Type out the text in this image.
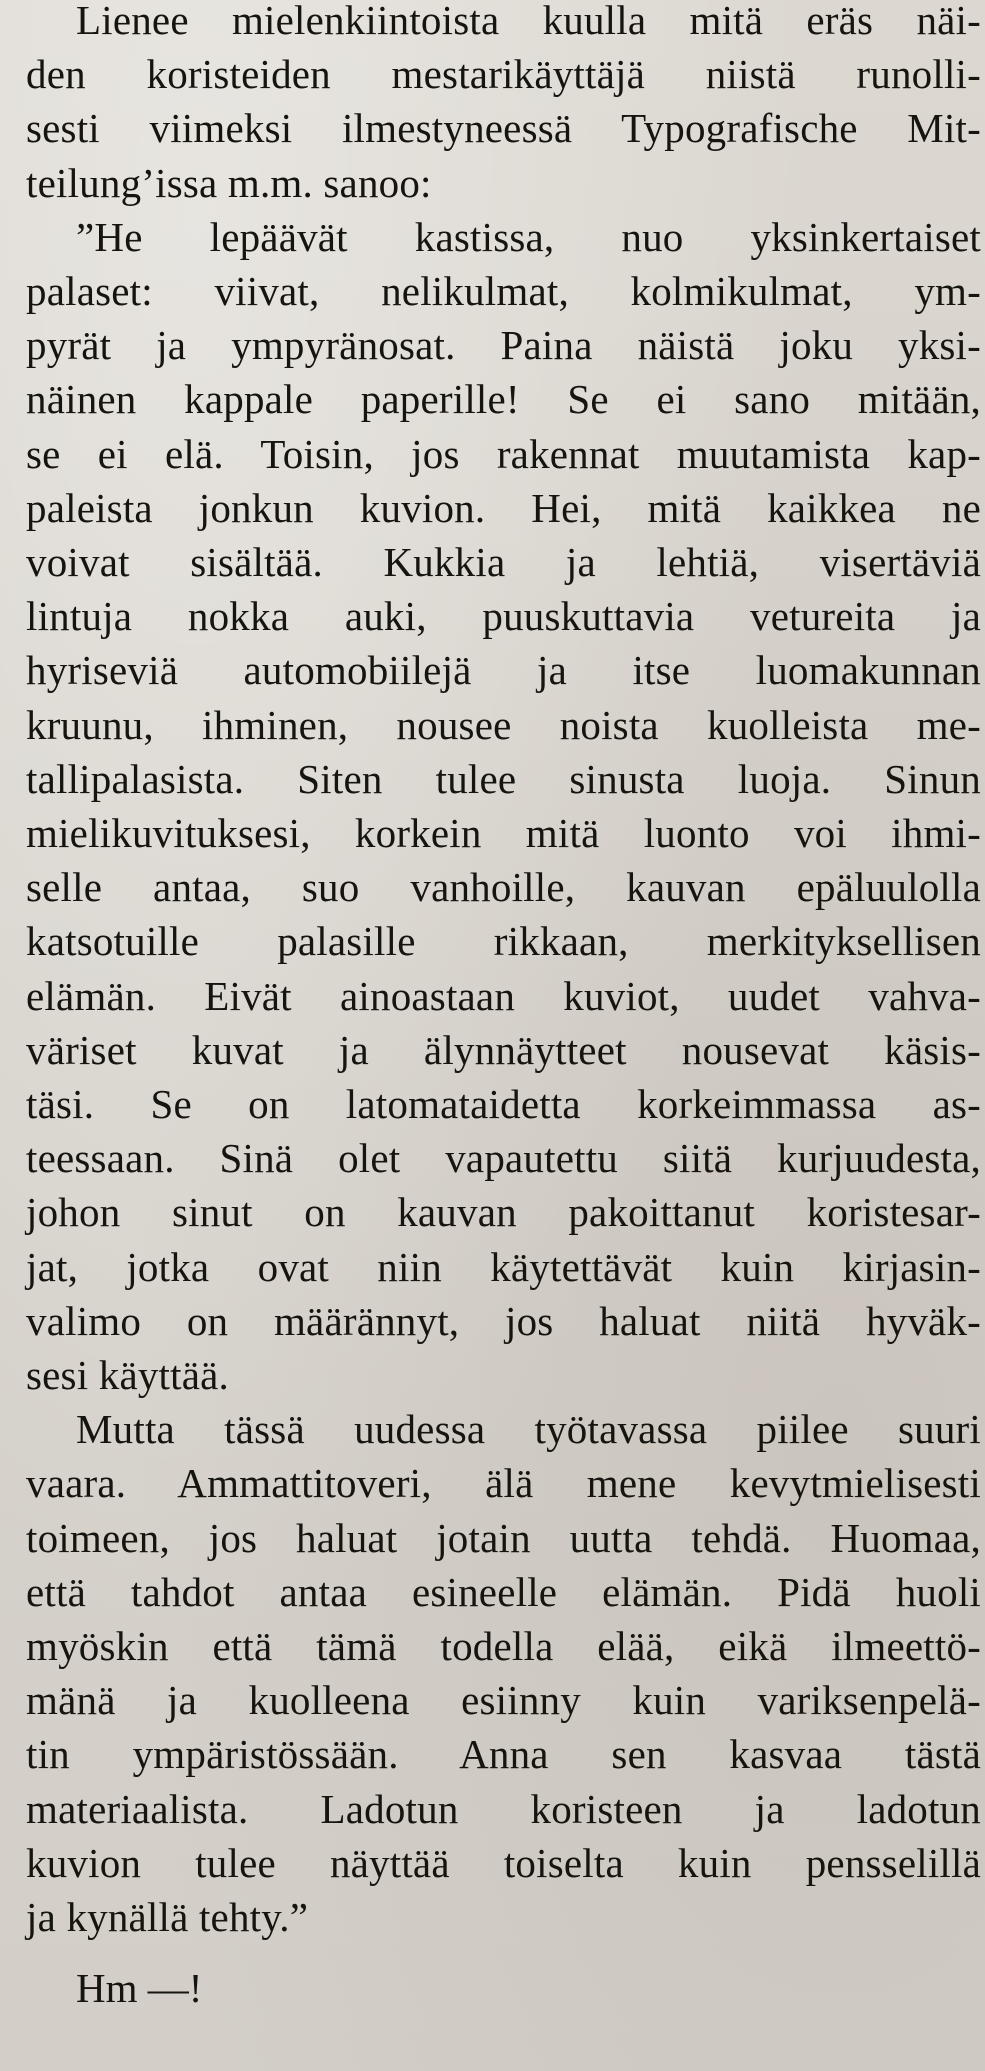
Lienee mielenkiintoista kuulla mitä eräs näi-
den koristeiden mestarikäyttäjä niistä runolli-
sesti viimeksi ilmestyneessä Typografische Mit-
teilung’issa m.m. sanoo:
”He lepäävät kastissa, nuo yksinkertaiset
palaset: viivat, nelikulmat, kolmikulmat, ym-
pyrät ja ympyränosat. Paina näistä joku yksi-
näinen kappale paperille! Se ei sano mitään,
se ei elä. Toisin, jos rakennat muutamista kap-
paleista jonkun kuvion. Hei, mitä kaikkea ne
voivat sisältää. Kukkia ja lehtiä, visertäviä
lintuja nokka auki, puuskuttavia vetureita ja
hyriseviä automobiilejä ja itse luomakunnan
kruunu, ihminen, nousee noista kuolleista me-
tallipalasista. Siten tulee sinusta luoja. Sinun
mielikuvituksesi, korkein mitä luonto voi ihmi-
selle antaa, suo vanhoille, kauvan epäluulolla
katsotuille palasille rikkaan, merkityksellisen
elämän. Eivät ainoastaan kuviot, uudet vahva-
väriset kuvat ja älynnäytteet nousevat käsis-
täsi. Se on latomataidetta korkeimmassa as-
teessaan. Sinä olet vapautettu siitä kurjuudesta,
johon sinut on kauvan pakoittanut koristesar-
jat, jotka ovat niin käytettävät kuin kirjasin-
valimo on määrännyt, jos haluat niitä hyväk-
sesi käyttää.
Mutta tässä uudessa työtavassa piilee suuri
vaara. Ammattitoveri, älä mene kevytmielisesti
toimeen, jos haluat jotain uutta tehdä. Huomaa,
että tahdot antaa esineelle elämän. Pidä huoli
myöskin että tämä todella elää, eikä ilmeettö-
mänä ja kuolleena esiinny kuin variksenpelä-
tin ympäristössään. Anna sen kasvaa tästä
materiaalista. Ladotun koristeen ja ladotun
kuvion tulee näyttää toiselta kuin pensselillä
ja kynällä tehty.”
Hm —!
